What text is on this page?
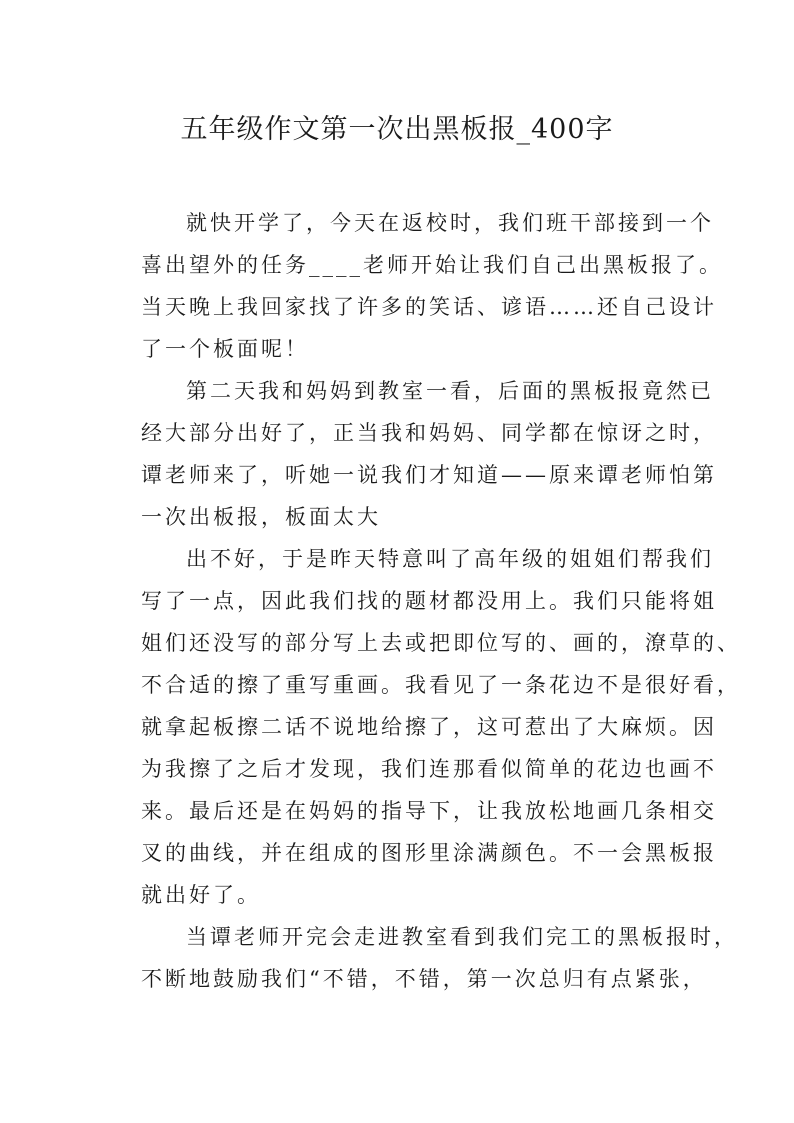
五年级作文第一次出黑板报_400字
就快开学了，今天在返校时，我们班干部接到一个
喜出望外的任务____老师开始让我们自己出黑板报了。
当天晚上我回家找了许多的笑话、谚语……还自己设计
了一个板面呢！
第二天我和妈妈到教室一看，后面的黑板报竟然已
经大部分出好了，正当我和妈妈、同学都在惊讶之时，
谭老师来了，听她一说我们才知道——原来谭老师怕第
一次出板报，板面太大
出不好，于是昨天特意叫了高年级的姐姐们帮我们
写了一点，因此我们找的题材都没用上。我们只能将姐
姐们还没写的部分写上去或把即位写的、画的，潦草的、
不合适的擦了重写重画。我看见了一条花边不是很好看，
就拿起板擦二话不说地给擦了，这可惹出了大麻烦。因
为我擦了之后才发现，我们连那看似简单的花边也画不
来。最后还是在妈妈的指导下，让我放松地画几条相交
叉的曲线，并在组成的图形里涂满颜色。不一会黑板报
就出好了。
当谭老师开完会走进教室看到我们完工的黑板报时，
不断地鼓励我们“不错，不错，第一次总归有点紧张，
